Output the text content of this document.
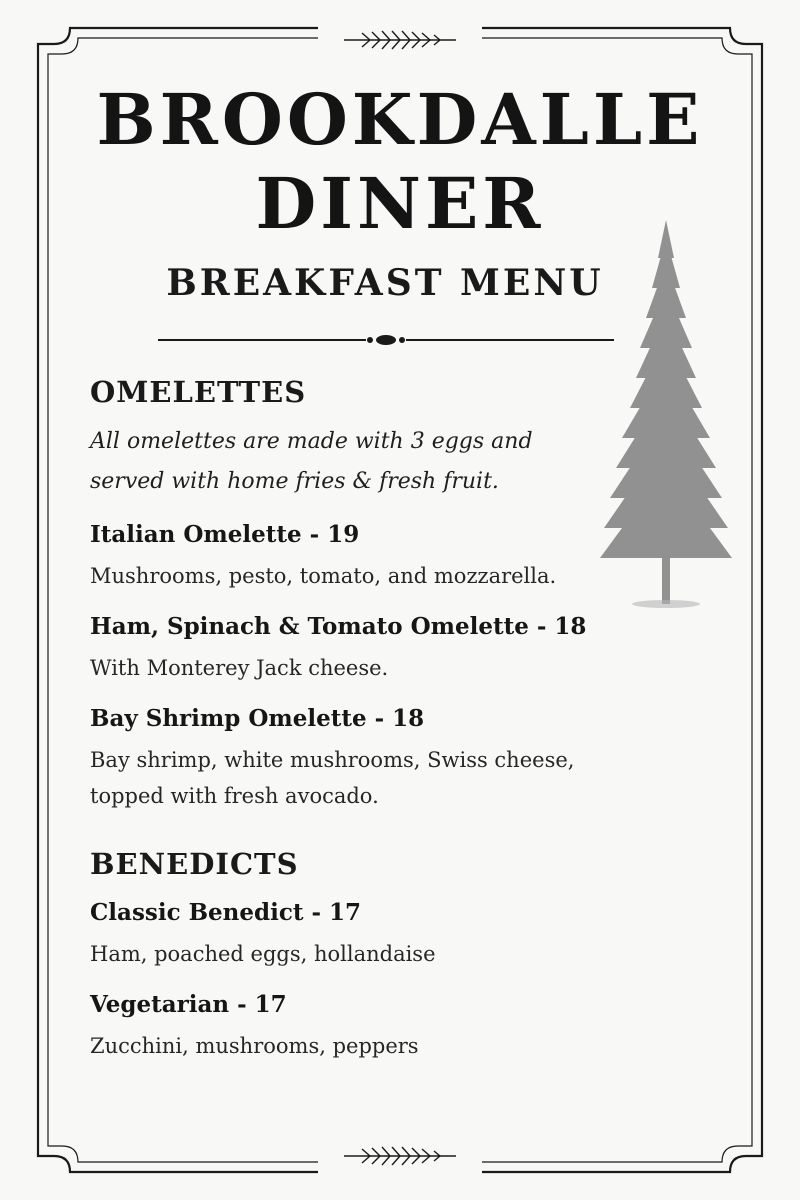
BROOKDALLE
DINER
BREAKFAST MENU
OMELETTES

All omelettes are made with 3 eggs and served with home fries & fresh fruit.

Italian Omelette - 19

Mushrooms, pesto, tomato, and mozzarella.

Ham, Spinach & Tomato Omelette - 18

With Monterey Jack cheese.

Bay Shrimp Omelette - 18

Bay shrimp, white mushrooms, Swiss cheese, topped with fresh avocado.

BENEDICTS

Classic Benedict - 17

Ham, poached eggs, hollandaise

Vegetarian - 17

Zucchini, mushrooms, peppers
